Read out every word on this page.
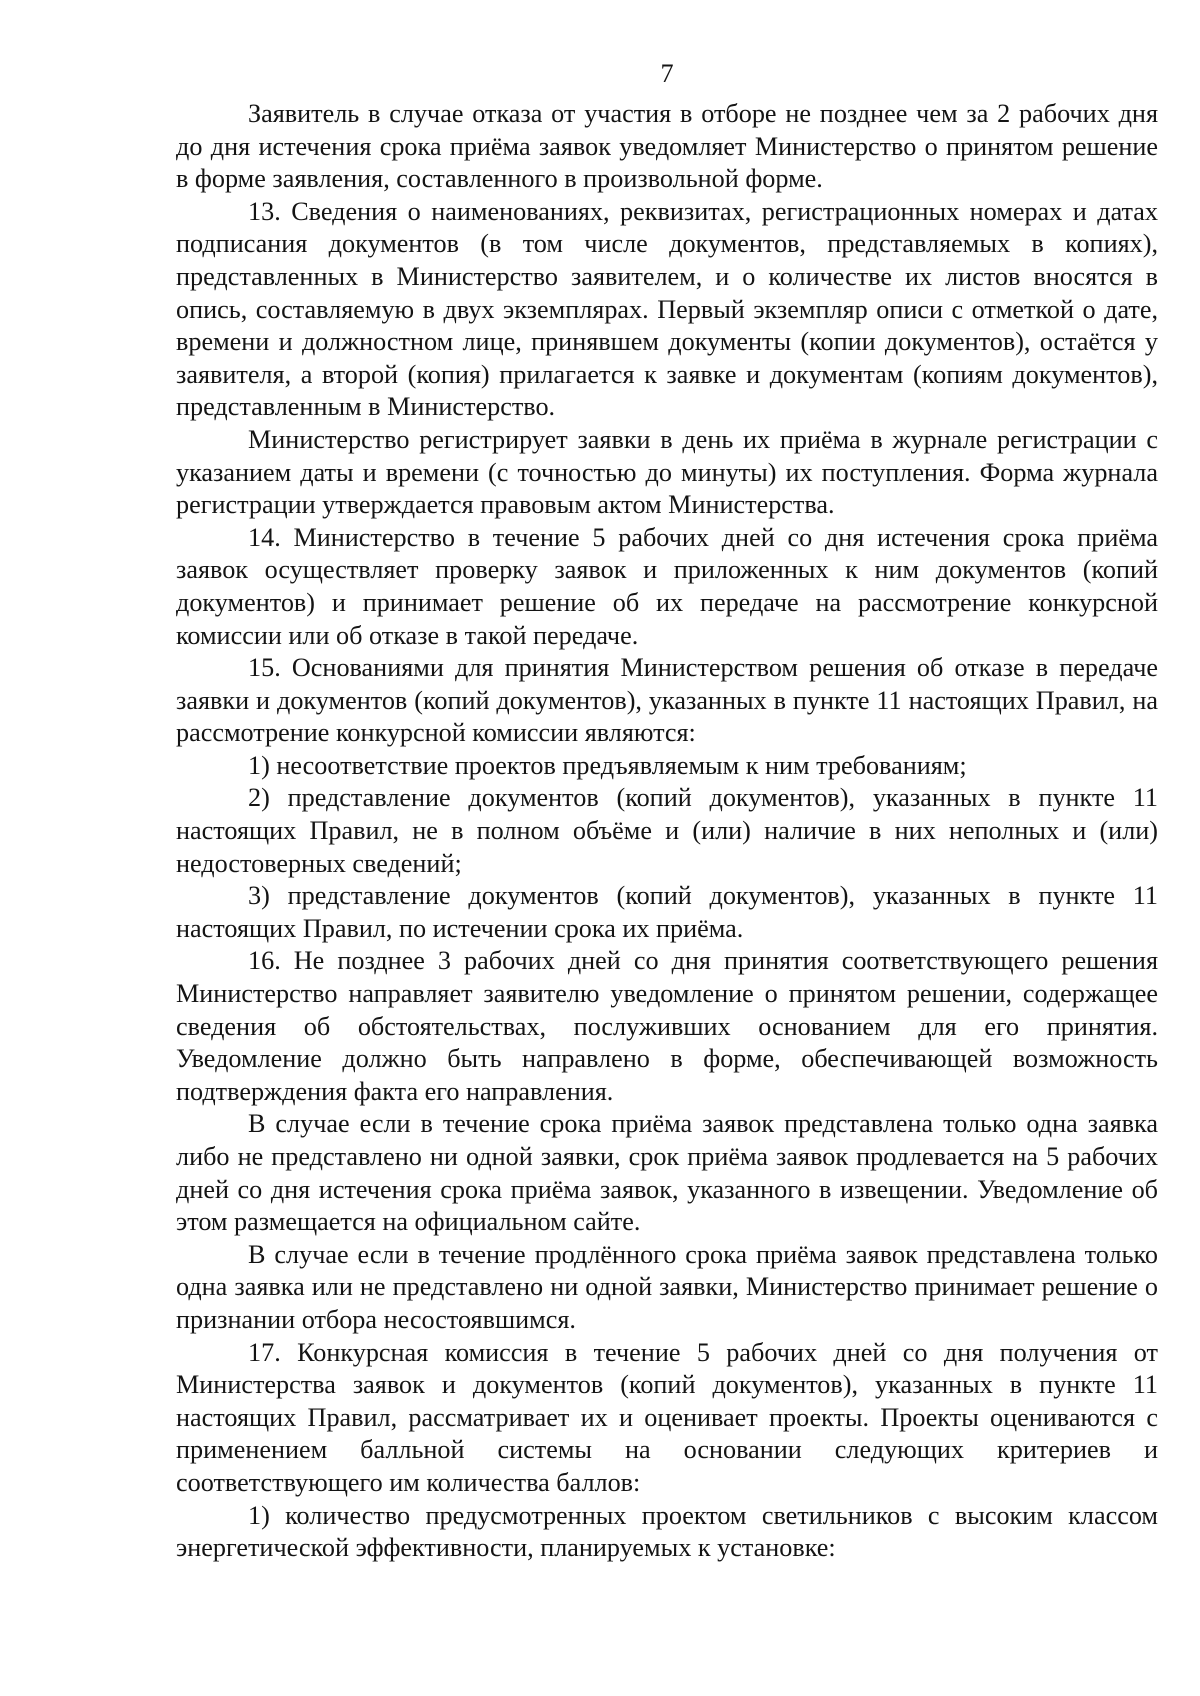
7

Заявитель в случае отказа от участия в отборе не позднее чем за 2 рабочих дня до дня истечения срока приёма заявок уведомляет Министерство о принятом решение в форме заявления, составленного в произвольной форме.

13. Сведения о наименованиях, реквизитах, регистрационных номерах и датах подписания документов (в том числе документов, представляемых в копиях), представленных в Министерство заявителем, и о количестве их листов вносятся в опись, составляемую в двух экземплярах. Первый экземпляр описи с отметкой о дате, времени и должностном лице, принявшем документы (копии документов), остаётся у заявителя, а второй (копия) прилагается к заявке и документам (копиям документов), представленным в Министерство.

Министерство регистрирует заявки в день их приёма в журнале регистрации с указанием даты и времени (с точностью до минуты) их поступления. Форма журнала регистрации утверждается правовым актом Министерства.

14. Министерство в течение 5 рабочих дней со дня истечения срока приёма заявок осуществляет проверку заявок и приложенных к ним документов (копий документов) и принимает решение об их передаче на рассмотрение конкурсной комиссии или об отказе в такой передаче.

15. Основаниями для принятия Министерством решения об отказе в передаче заявки и документов (копий документов), указанных в пункте 11 настоящих Правил, на рассмотрение конкурсной комиссии являются:

1) несоответствие проектов предъявляемым к ним требованиям;

2) представление документов (копий документов), указанных в пункте 11 настоящих Правил, не в полном объёме и (или) наличие в них неполных и (или) недостоверных сведений;

3) представление документов (копий документов), указанных в пункте 11 настоящих Правил, по истечении срока их приёма.

16. Не позднее 3 рабочих дней со дня принятия соответствующего решения Министерство направляет заявителю уведомление о принятом решении, содержащее сведения об обстоятельствах, послуживших основанием для его принятия. Уведомление должно быть направлено в форме, обеспечивающей возможность подтверждения факта его направления.

В случае если в течение срока приёма заявок представлена только одна заявка либо не представлено ни одной заявки, срок приёма заявок продлевается на 5 рабочих дней со дня истечения срока приёма заявок, указанного в извещении. Уведомление об этом размещается на официальном сайте.

В случае если в течение продлённого срока приёма заявок представлена только одна заявка или не представлено ни одной заявки, Министерство принимает решение о признании отбора несостоявшимся.

17. Конкурсная комиссия в течение 5 рабочих дней со дня получения от Министерства заявок и документов (копий документов), указанных в пункте 11 настоящих Правил, рассматривает их и оценивает проекты. Проекты оцениваются с применением балльной системы на основании следующих критериев и соответствующего им количества баллов:

1) количество предусмотренных проектом светильников с высоким классом энергетической эффективности, планируемых к установке:
